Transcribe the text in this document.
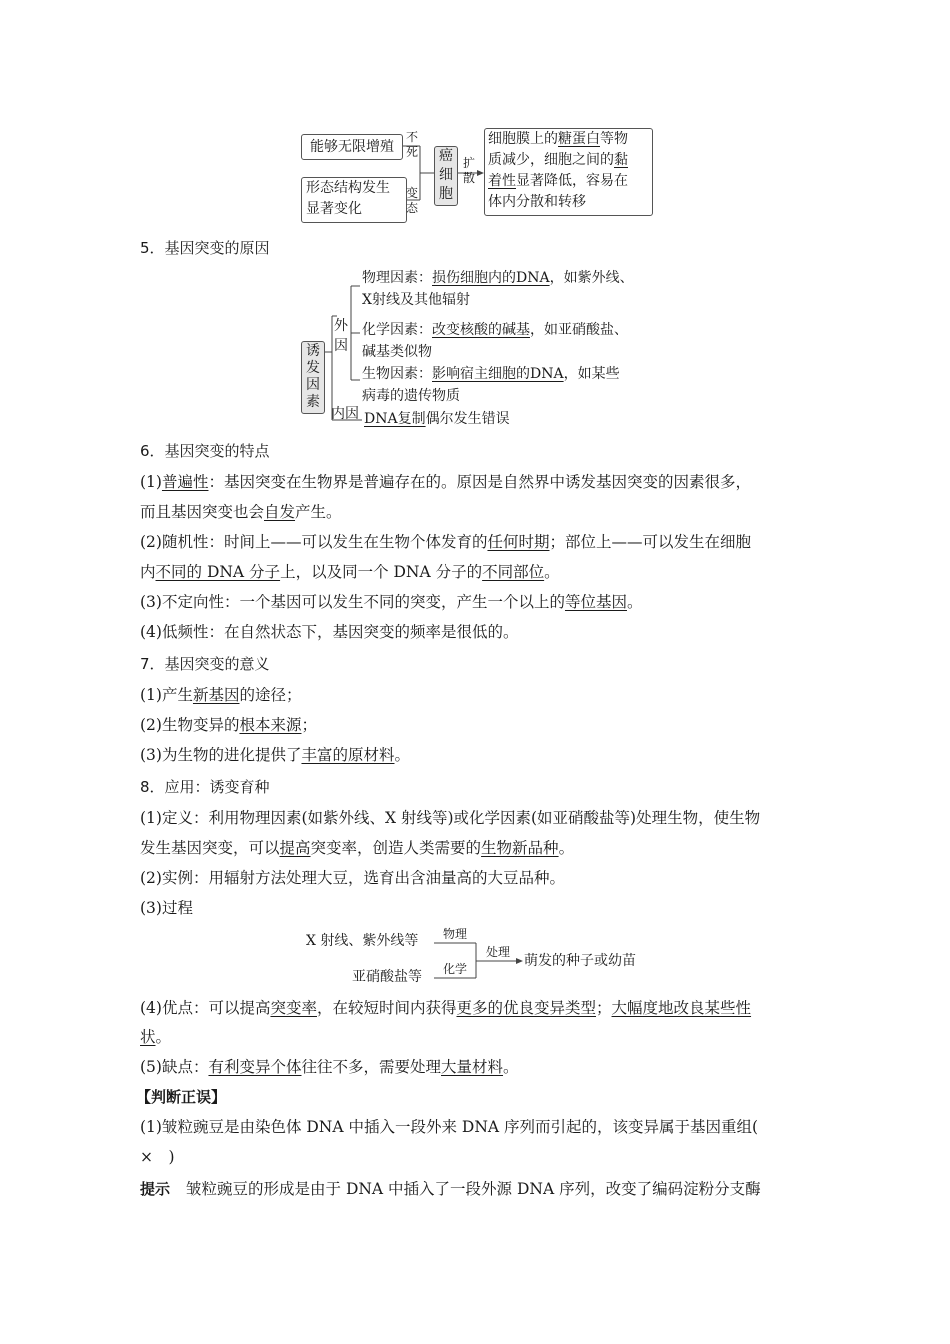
能够无限增殖
不死
形态结构发生
显著变化
变态
癌细胞
扩散
细胞膜上的糖蛋白等物
质减少，细胞之间的黏
着性显著降低，容易在
体内分散和转移
5．基因突变的原因
诱发因素
外因
内因
物理因素：损伤细胞内的DNA，如紫外线、
X射线及其他辐射
化学因素：改变核酸的碱基，如亚硝酸盐、
碱基类似物
生物因素：影响宿主细胞的DNA，如某些
病毒的遗传物质
DNA复制偶尔发生错误
6．基因突变的特点
(1)普遍性：基因突变在生物界是普遍存在的。原因是自然界中诱发基因突变的因素很多，
而且基因突变也会自发产生。
(2)随机性：时间上——可以发生在生物个体发育的任何时期；部位上——可以发生在细胞
内不同的 DNA 分子上，以及同一个 DNA 分子的不同部位。
(3)不定向性：一个基因可以发生不同的突变，产生一个以上的等位基因。
(4)低频性：在自然状态下，基因突变的频率是很低的。
7．基因突变的意义
(1)产生新基因的途径；
(2)生物变异的根本来源；
(3)为生物的进化提供了丰富的原材料。
8．应用：诱变育种
(1)定义：利用物理因素(如紫外线、X 射线等)或化学因素(如亚硝酸盐等)处理生物，使生物
发生基因突变，可以提高突变率，创造人类需要的生物新品种。
(2)实例：用辐射方法处理大豆，选育出含油量高的大豆品种。
(3)过程
X 射线、紫外线等	物理
亚硝酸盐等	化学
处理
萌发的种子或幼苗
(4)优点：可以提高突变率，在较短时间内获得更多的优良变异类型；大幅度地改良某些性
状。
(5)缺点：有利变异个体往往不多，需要处理大量材料。
【判断正误】
(1)皱粒豌豆是由染色体 DNA 中插入一段外来 DNA 序列而引起的，该变异属于基因重组(
×　)
提示 皱粒豌豆的形成是由于 DNA 中插入了一段外源 DNA 序列，改变了编码淀粉分支酶
